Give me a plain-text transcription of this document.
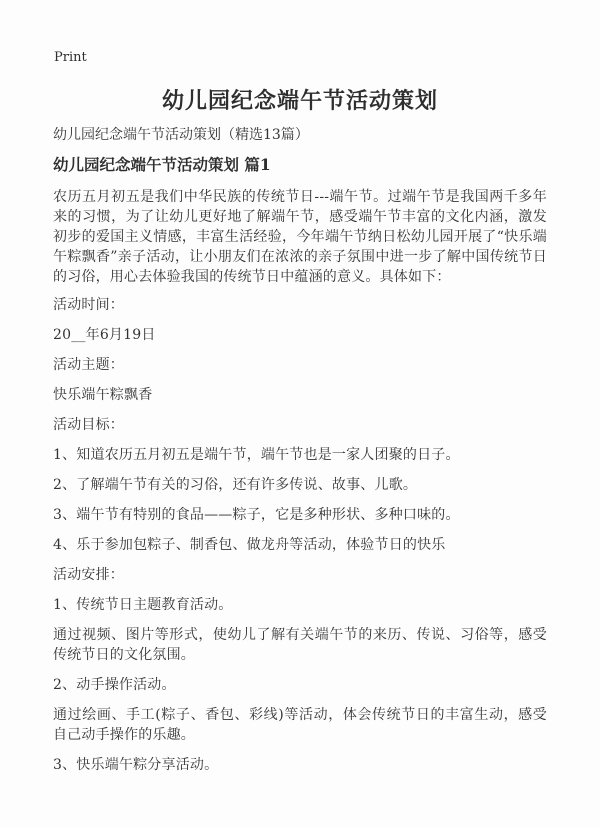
Print
幼儿园纪念端午节活动策划

幼儿园纪念端午节活动策划（精选13篇）

幼儿园纪念端午节活动策划 篇1

农历五月初五是我们中华民族的传统节日---端午节。过端午节是我国两千多年来的习惯，为了让幼儿更好地了解端午节，感受端午节丰富的文化内涵，激发初步的爱国主义情感，丰富生活经验，今年端午节纳日松幼儿园开展了“快乐端午粽飘香”亲子活动，让小朋友们在浓浓的亲子氛围中进一步了解中国传统节日的习俗，用心去体验我国的传统节日中蕴涵的意义。具体如下：

活动时间：

20__年6月19日

活动主题：

快乐端午粽飘香

活动目标：

1、知道农历五月初五是端午节，端午节也是一家人团聚的日子。

2、了解端午节有关的习俗，还有许多传说、故事、儿歌。

3、端午节有特别的食品——粽子，它是多种形状、多种口味的。

4、乐于参加包粽子、制香包、做龙舟等活动，体验节日的快乐

活动安排：

1、传统节日主题教育活动。

通过视频、图片等形式，使幼儿了解有关端午节的来历、传说、习俗等，感受传统节日的文化氛围。

2、动手操作活动。

通过绘画、手工(粽子、香包、彩线)等活动，体会传统节日的丰富生动，感受自己动手操作的乐趣。

3、快乐端午粽分享活动。
